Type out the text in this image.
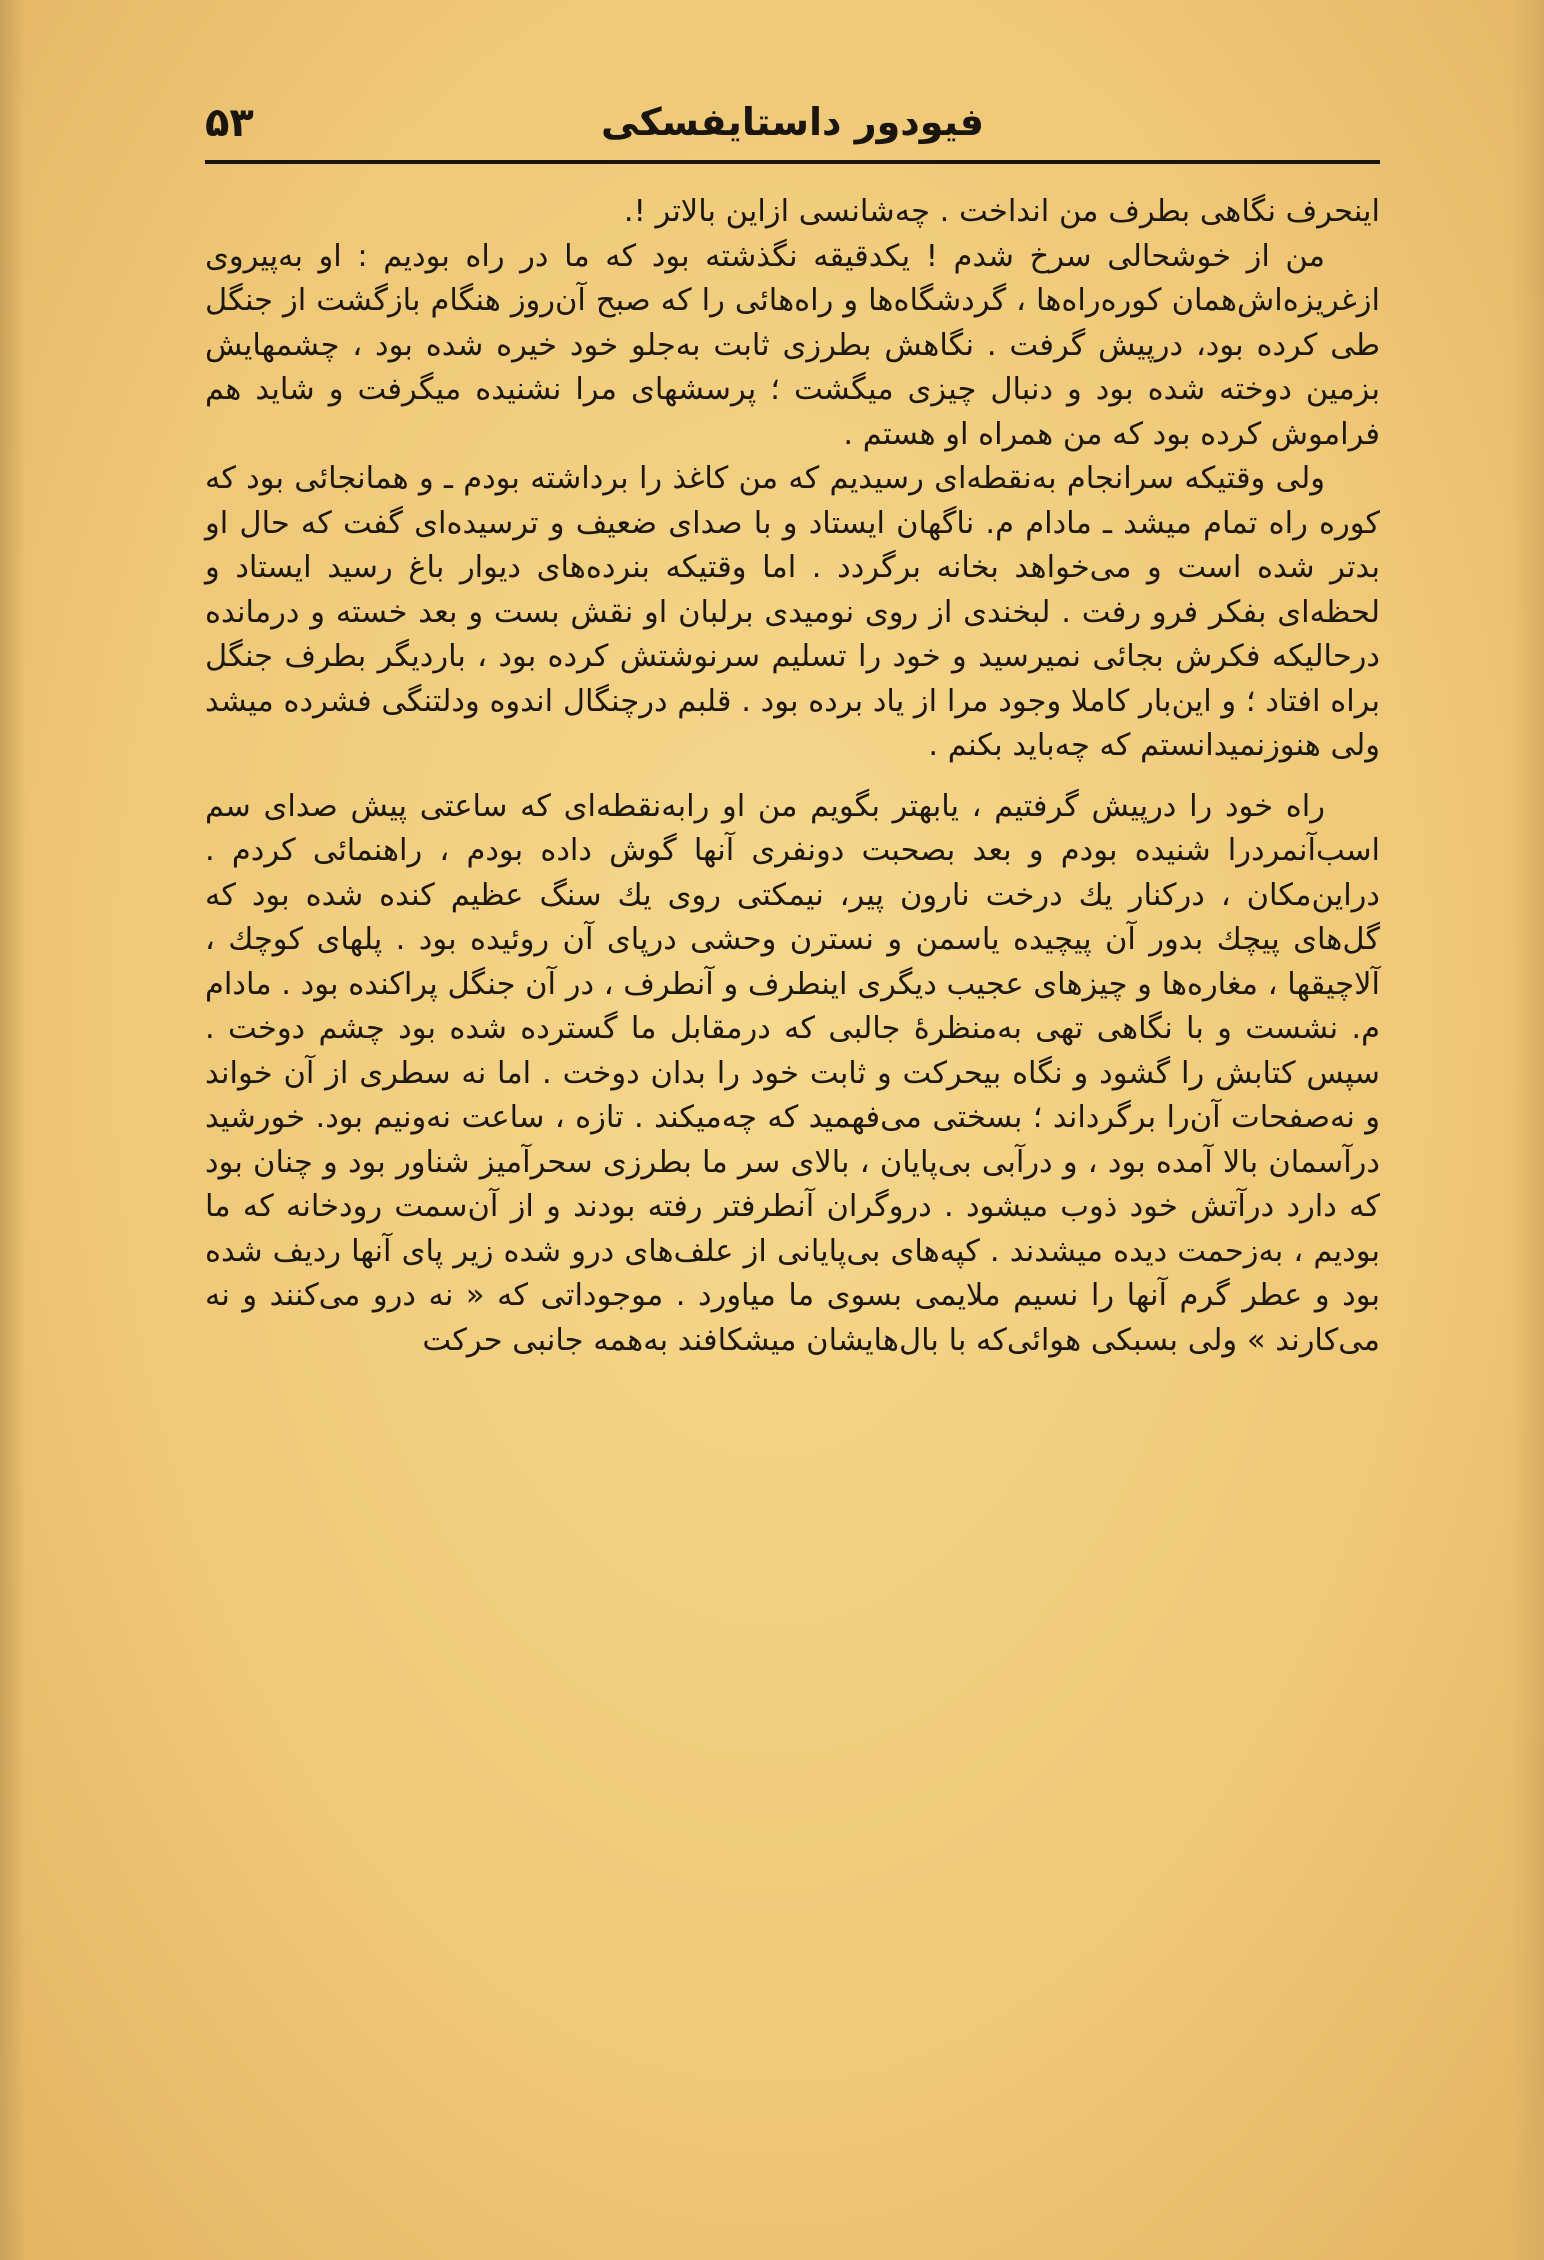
۵۳	فیودور داستایفسکی

اینحرف نگاهی بطرف من انداخت . چه‌شانسی ازاین بالاتر !.

من از خوشحالی سرخ شدم ! یکدقیقه نگذشته بود که ما در راه بودیم : او به‌پیروی ازغریزه‌اش‌همان کوره‌راه‌ها ، گردشگاه‌ها و راه‌هائی را که صبح آن‌روز هنگام بازگشت از جنگل طی کرده بود، درپیش گرفت . نگاهش بطرزی ثابت به‌جلو خود خیره شده بود ، چشمهایش بزمین دوخته شده بود و دنبال چیزی میگشت ؛ پرسشهای مرا نشنیده میگرفت و شاید هم فراموش کرده بود که من همراه او هستم .

ولی وقتیکه سرانجام به‌نقطه‌ای رسیدیم که من کاغذ را برداشته بودم ـ و همانجائی بود که کوره راه تمام میشد ـ مادام م. ناگهان ایستاد و با صدای ضعیف و ترسیده‌ای گفت که حال او بدتر شده است و می‌خواهد بخانه برگردد . اما وقتیکه بنرده‌های دیوار باغ رسید ایستاد و لحظه‌ای بفکر فرو رفت . لبخندی از روی نومیدی برلبان او نقش بست و بعد خسته و درمانده درحالیکه فکرش بجائی نمیرسید و خود را تسلیم سرنوشتش کرده بود ، باردیگر بطرف جنگل براه افتاد ؛ و این‌بار کاملا وجود مرا از یاد برده بود . قلبم درچنگال اندوه ودلتنگی فشرده میشد ولی هنوزنمیدانستم که چه‌باید بکنم .

راه خود را درپیش گرفتیم ، یابهتر بگویم من او رابه‌نقطه‌ای که ساعتی پیش صدای سم اسب‌آنمردرا شنیده بودم و بعد بصحبت دونفری آنها گوش داده بودم ، راهنمائی کردم . دراین‌مکان ، درکنار یك درخت نارون پیر، نیمکتی روی یك سنگ عظیم کنده شده بود که گل‌های پیچك بدور آن پیچیده یاسمن و نسترن وحشی درپای آن روئیده بود . پلهای کوچك ، آلاچیقها ، مغاره‌ها و چیزهای عجیب دیگری اینطرف و آنطرف ، در آن جنگل پراکنده بود . مادام م. نشست و با نگاهی تهی به‌منظرهٔ جالبی که درمقابل ما گسترده شده بود چشم دوخت . سپس کتابش را گشود و نگاه بیحرکت و ثابت خود را بدان دوخت . اما نه سطری از آن خواند و نه‌صفحات آن‌را برگرداند ؛ بسختی می‌فهمید که چه‌میکند . تازه ، ساعت نه‌ونیم بود. خورشید درآسمان بالا آمده بود ، و درآبی بی‌پایان ، بالای سر ما بطرزی سحرآمیز شناور بود و چنان بود که دارد درآتش خود ذوب میشود . دروگران آنطرفتر رفته بودند و از آن‌سمت رودخانه که ما بودیم ، به‌زحمت دیده میشدند . کپه‌های بی‌پایانی از علف‌های درو شده زیر پای آنها ردیف شده بود و عطر گرم آنها را نسیم ملایمی بسوی ما میاورد . موجوداتی که « نه درو می‌کنند و نه می‌کارند » ولی بسبکی هوائی‌که با بال‌هایشان میشکافند به‌همه جانبی حرکت
